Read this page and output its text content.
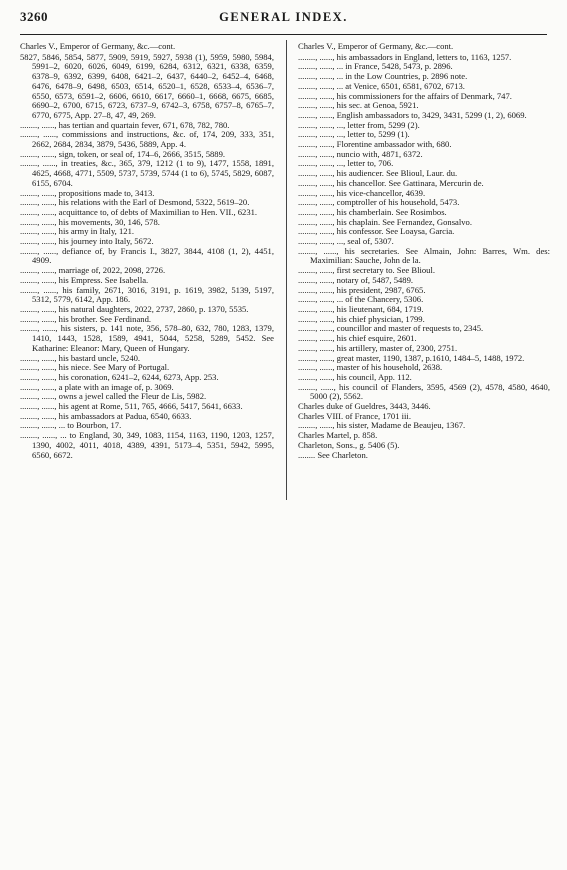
3260	GENERAL INDEX.

Charles V., Emperor of Germany, &c.—cont.

5827, 5846, 5854, 5877, 5909, 5919, 5927, 5938 (1), 5959, 5980, 5984, 5991–2, 6020, 6026, 6049, 6199, 6284, 6312, 6321, 6338, 6359, 6378–9, 6392, 6399, 6408, 6421–2, 6437, 6440–2, 6452–4, 6468, 6476, 6478–9, 6498, 6503, 6514, 6520–1, 6528, 6533–4, 6536–7, 6550, 6573, 6591–2, 6606, 6610, 6617, 6660–1, 6668, 6675, 6685, 6690–2, 6700, 6715, 6723, 6737–9, 6742–3, 6758, 6757–8, 6765–7, 6770, 6775, App. 27–8, 47, 49, 269.

........, ......, has tertian and quartain fever, 671, 678, 782, 780.

........, ......, commissions and instructions, &c. of, 174, 209, 333, 351, 2662, 2684, 2834, 3879, 5436, 5889, App. 4.

........, ......, sign, token, or seal of, 174–6, 2666, 3515, 5889.

........, ......, in treaties, &c., 365, 379, 1212 (1 to 9), 1477, 1558, 1891, 4625, 4668, 4771, 5509, 5737, 5739, 5744 (1 to 6), 5745, 5829, 6087, 6155, 6704.

........, ......, propositions made to, 3413.

........, ......, his relations with the Earl of Desmond, 5322, 5619–20.

........, ......, acquittance to, of debts of Maximilian to Hen. VII., 6231.

........, ......, his movements, 30, 146, 578.

........, ......, his army in Italy, 121.

........, ......, his journey into Italy, 5672.

........, ......, defiance of, by Francis I., 3827, 3844, 4108 (1, 2), 4451, 4909.

........, ......, marriage of, 2022, 2098, 2726.

........, ......, his Empress. See Isabella.

........, ......, his family, 2671, 3016, 3191, p. 1619, 3982, 5139, 5197, 5312, 5779, 6142, App. 186.

........, ......, his natural daughters, 2022, 2737, 2860, p. 1370, 5535.

........, ......, his brother. See Ferdinand.

........, ......, his sisters, p. 141 note, 356, 578–80, 632, 780, 1283, 1379, 1410, 1443, 1528, 1589, 4941, 5044, 5258, 5289, 5452. See Katharine: Eleanor: Mary, Queen of Hungary.

........, ......, his bastard uncle, 5240.

........, ......, his niece. See Mary of Portugal.

........, ......, his coronation, 6241–2, 6244, 6273, App. 253.

........, ......, a plate with an image of, p. 3069.

........, ......, owns a jewel called the Fleur de Lis, 5982.

........, ......, his agent at Rome, 511, 765, 4666, 5417, 5641, 6633.

........, ......, his ambassadors at Padua, 6540, 6633.

........, ......, ... to Bourbon, 17.

........, ......, ... to England, 30, 349, 1083, 1154, 1163, 1190, 1203, 1257, 1390, 4002, 4011, 4018, 4389, 4391, 5173–4, 5351, 5942, 5995, 6560, 6672.

Charles V., Emperor of Germany, &c.—cont.

........, ......, his ambassadors in England, letters to, 1163, 1257.

........, ......, ... in France, 5428, 5473, p. 2896.

........, ......, ... in the Low Countries, p. 2896 note.

........, ......, ... at Venice, 6501, 6581, 6702, 6713.

........, ......, his commissioners for the affairs of Denmark, 747.

........, ......, his sec. at Genoa, 5921.

........, ......, English ambassadors to, 3429, 3431, 5299 (1, 2), 6069.

........, ......, ..., letter from, 5299 (2).

........, ......, ..., letter to, 5299 (1).

........, ......, Florentine ambassador with, 680.

........, ......, nuncio with, 4871, 6372.

........, ......, ..., letter to, 706.

........, ......, his audiencer. See Blioul, Laur. du.

........, ......, his chancellor. See Gattinara, Mercurin de.

........, ......, his vice-chancellor, 4639.

........, ......, comptroller of his household, 5473.

........, ......, his chamberlain. See Rosimbos.

........, ......, his chaplain. See Fernandez, Gonsalvo.

........, ......, his confessor. See Loaysa, Garcia.

........, ......, ..., seal of, 5307.

........, ......, his secretaries. See Almain, John: Barres, Wm. des: Maximilian: Sauche, John de la.

........, ......, first secretary to. See Blioul.

........, ......, notary of, 5487, 5489.

........, ......, his president, 2987, 6765.

........, ......, ... of the Chancery, 5306.

........, ......, his lieutenant, 684, 1719.

........, ......, his chief physician, 1799.

........, ......, councillor and master of requests to, 2345.

........, ......, his chief esquire, 2601.

........, ......, his artillery, master of, 2300, 2751.

........, ......, great master, 1190, 1387, p.1610, 1484–5, 1488, 1972.

........, ......, master of his household, 2638.

........, ......, his council, App. 112.

........, ......, his council of Flanders, 3595, 4569 (2), 4578, 4580, 4640, 5000 (2), 5562.

Charles duke of Gueldres, 3443, 3446.

Charles VIII. of France, 1701 iii.

........, ......, his sister, Madame de Beaujeu, 1367.

Charles Martel, p. 858.

Charleton, Sons., g. 5406 (5).

........ See Charleton.
